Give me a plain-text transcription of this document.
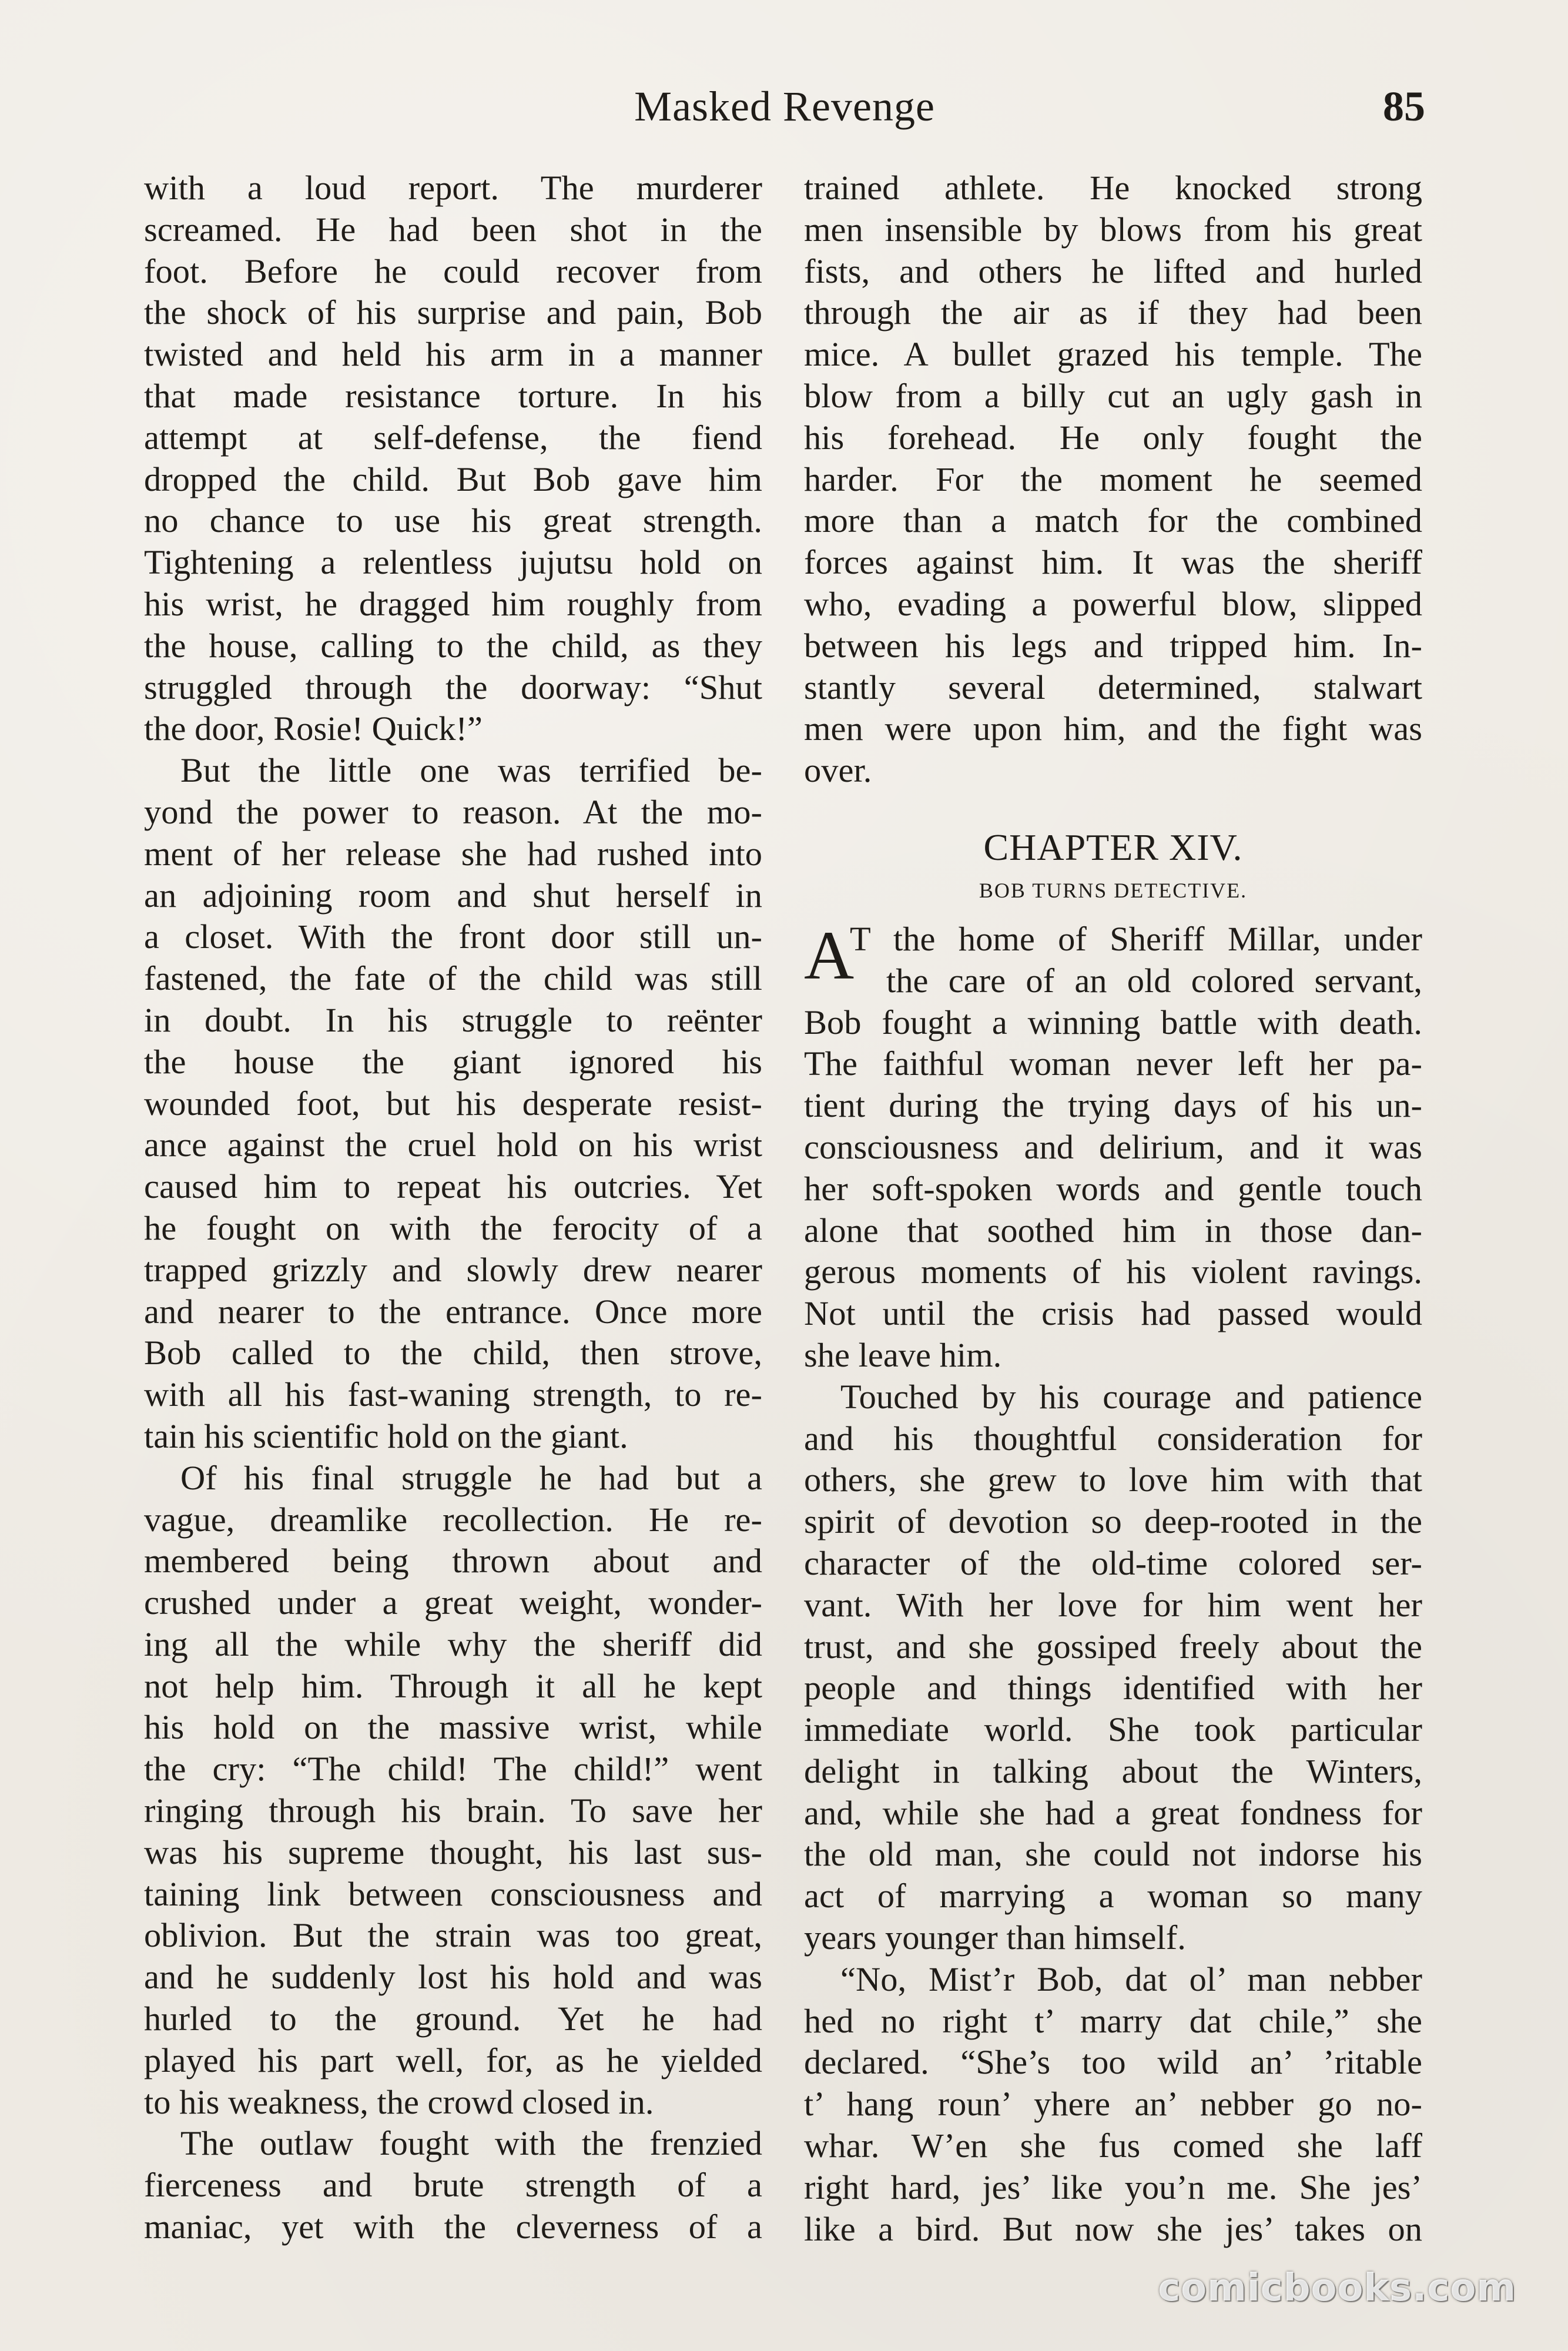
Masked Revenge	85
with a loud report. The murderer
screamed. He had been shot in the
foot. Before he could recover from
the shock of his surprise and pain, Bob
twisted and held his arm in a manner
that made resistance torture. In his
attempt at self-defense, the fiend
dropped the child. But Bob gave him
no chance to use his great strength.
Tightening a relentless jujutsu hold on
his wrist, he dragged him roughly from
the house, calling to the child, as they
struggled through the doorway: “Shut
the door, Rosie! Quick!”
But the little one was terrified be-
yond the power to reason. At the mo-
ment of her release she had rushed into
an adjoining room and shut herself in
a closet. With the front door still un-
fastened, the fate of the child was still
in doubt. In his struggle to reënter
the house the giant ignored his
wounded foot, but his desperate resist-
ance against the cruel hold on his wrist
caused him to repeat his outcries. Yet
he fought on with the ferocity of a
trapped grizzly and slowly drew nearer
and nearer to the entrance. Once more
Bob called to the child, then strove,
with all his fast-waning strength, to re-
tain his scientific hold on the giant.
Of his final struggle he had but a
vague, dreamlike recollection. He re-
membered being thrown about and
crushed under a great weight, wonder-
ing all the while why the sheriff did
not help him. Through it all he kept
his hold on the massive wrist, while
the cry: “The child! The child!” went
ringing through his brain. To save her
was his supreme thought, his last sus-
taining link between consciousness and
oblivion. But the strain was too great,
and he suddenly lost his hold and was
hurled to the ground. Yet he had
played his part well, for, as he yielded
to his weakness, the crowd closed in.
The outlaw fought with the frenzied
fierceness and brute strength of a
maniac, yet with the cleverness of a
trained athlete. He knocked strong
men insensible by blows from his great
fists, and others he lifted and hurled
through the air as if they had been
mice. A bullet grazed his temple. The
blow from a billy cut an ugly gash in
his forehead. He only fought the
harder. For the moment he seemed
more than a match for the combined
forces against him. It was the sheriff
who, evading a powerful blow, slipped
between his legs and tripped him. In-
stantly several determined, stalwart
men were upon him, and the fight was
over.
CHAPTER XIV.
BOB TURNS DETECTIVE.
A
T the home of Sheriff Millar, under
the care of an old colored servant,
Bob fought a winning battle with death.
The faithful woman never left her pa-
tient during the trying days of his un-
consciousness and delirium, and it was
her soft-spoken words and gentle touch
alone that soothed him in those dan-
gerous moments of his violent ravings.
Not until the crisis had passed would
she leave him.
Touched by his courage and patience
and his thoughtful consideration for
others, she grew to love him with that
spirit of devotion so deep-rooted in the
character of the old-time colored ser-
vant. With her love for him went her
trust, and she gossiped freely about the
people and things identified with her
immediate world. She took particular
delight in talking about the Winters,
and, while she had a great fondness for
the old man, she could not indorse his
act of marrying a woman so many
years younger than himself.
“No, Mist’r Bob, dat ol’ man nebber
hed no right t’ marry dat chile,” she
declared. “She’s too wild an’ ’ritable
t’ hang roun’ yhere an’ nebber go no-
whar. W’en she fus comed she laff
right hard, jes’ like you’n me. She jes’
like a bird. But now she jes’ takes on
comicbooks.com
